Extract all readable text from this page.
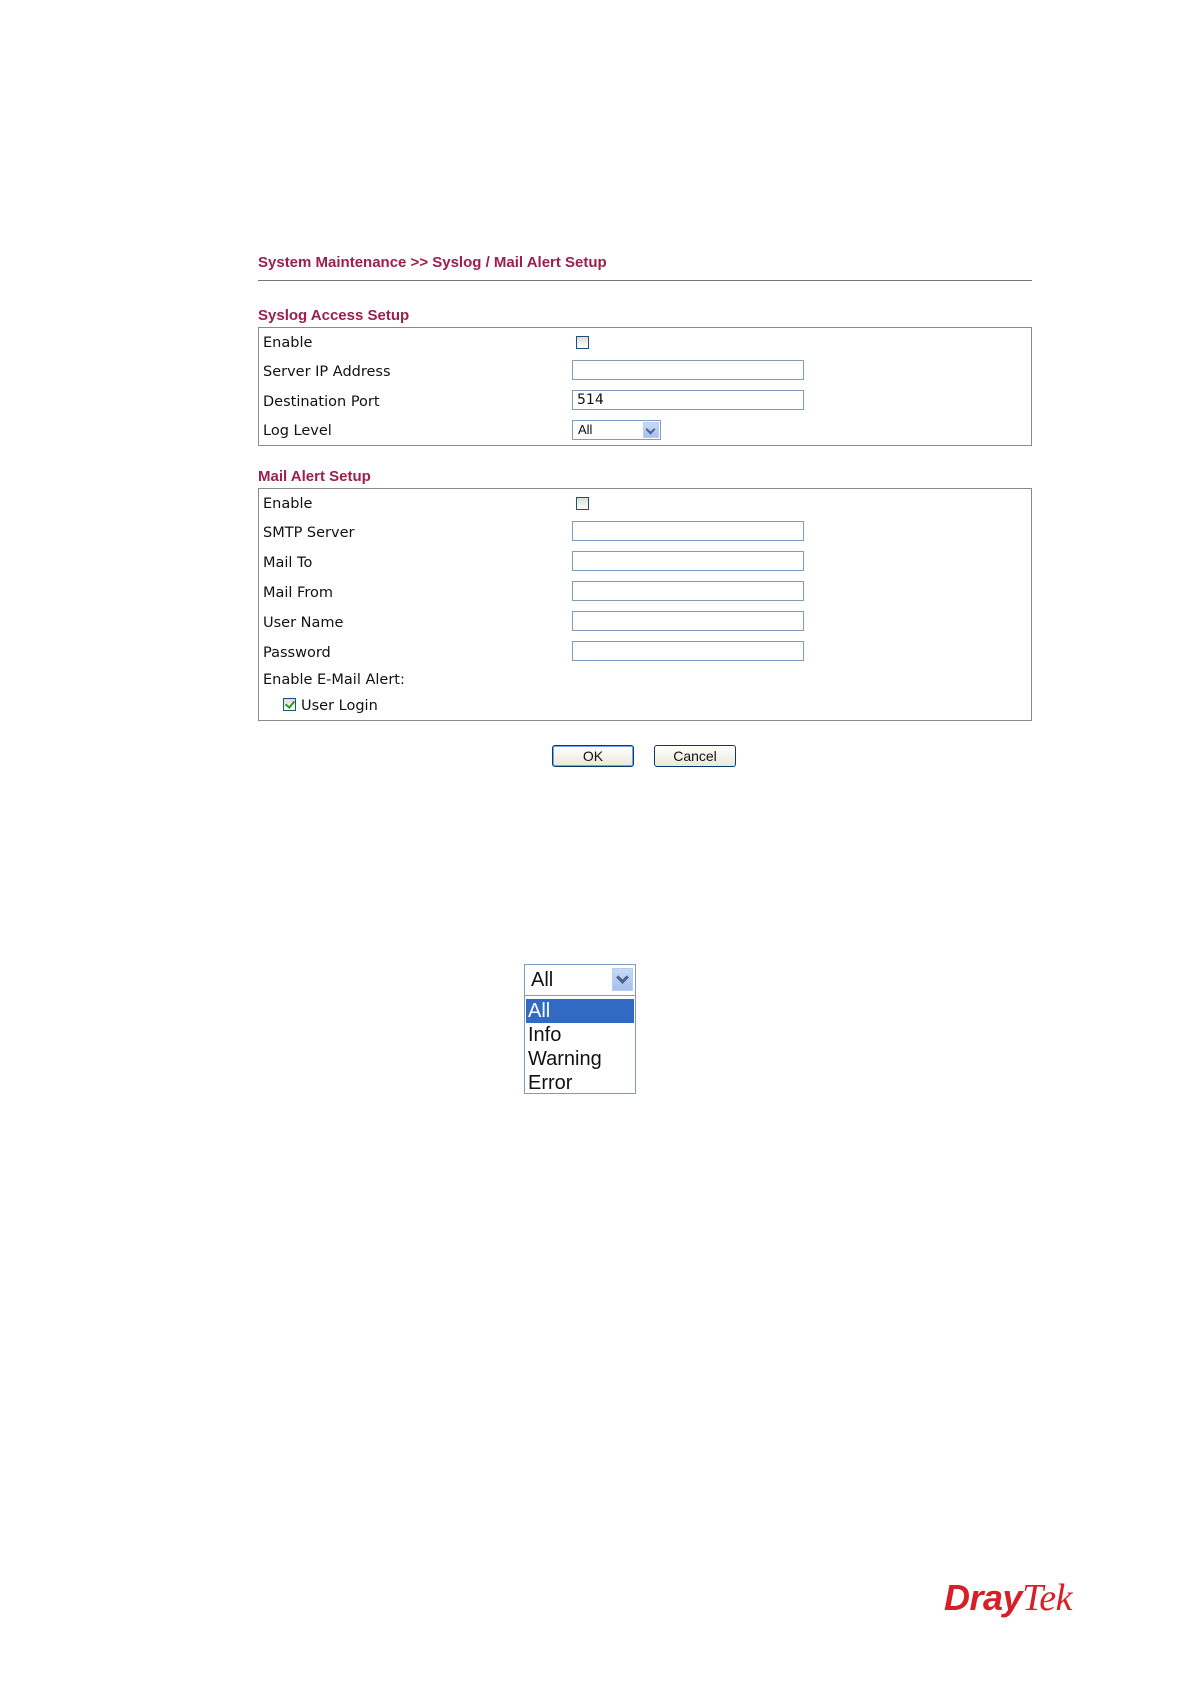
System Maintenance >> Syslog / Mail Alert Setup
Syslog Access Setup
Enable
Server IP Address
Destination Port	514
Log Level	All
Mail Alert Setup
Enable
SMTP Server
Mail To
Mail From
User Name
Password
Enable E-Mail Alert:
User Login
OK	Cancel
All
All
Info
Warning
Error
DrayTek
